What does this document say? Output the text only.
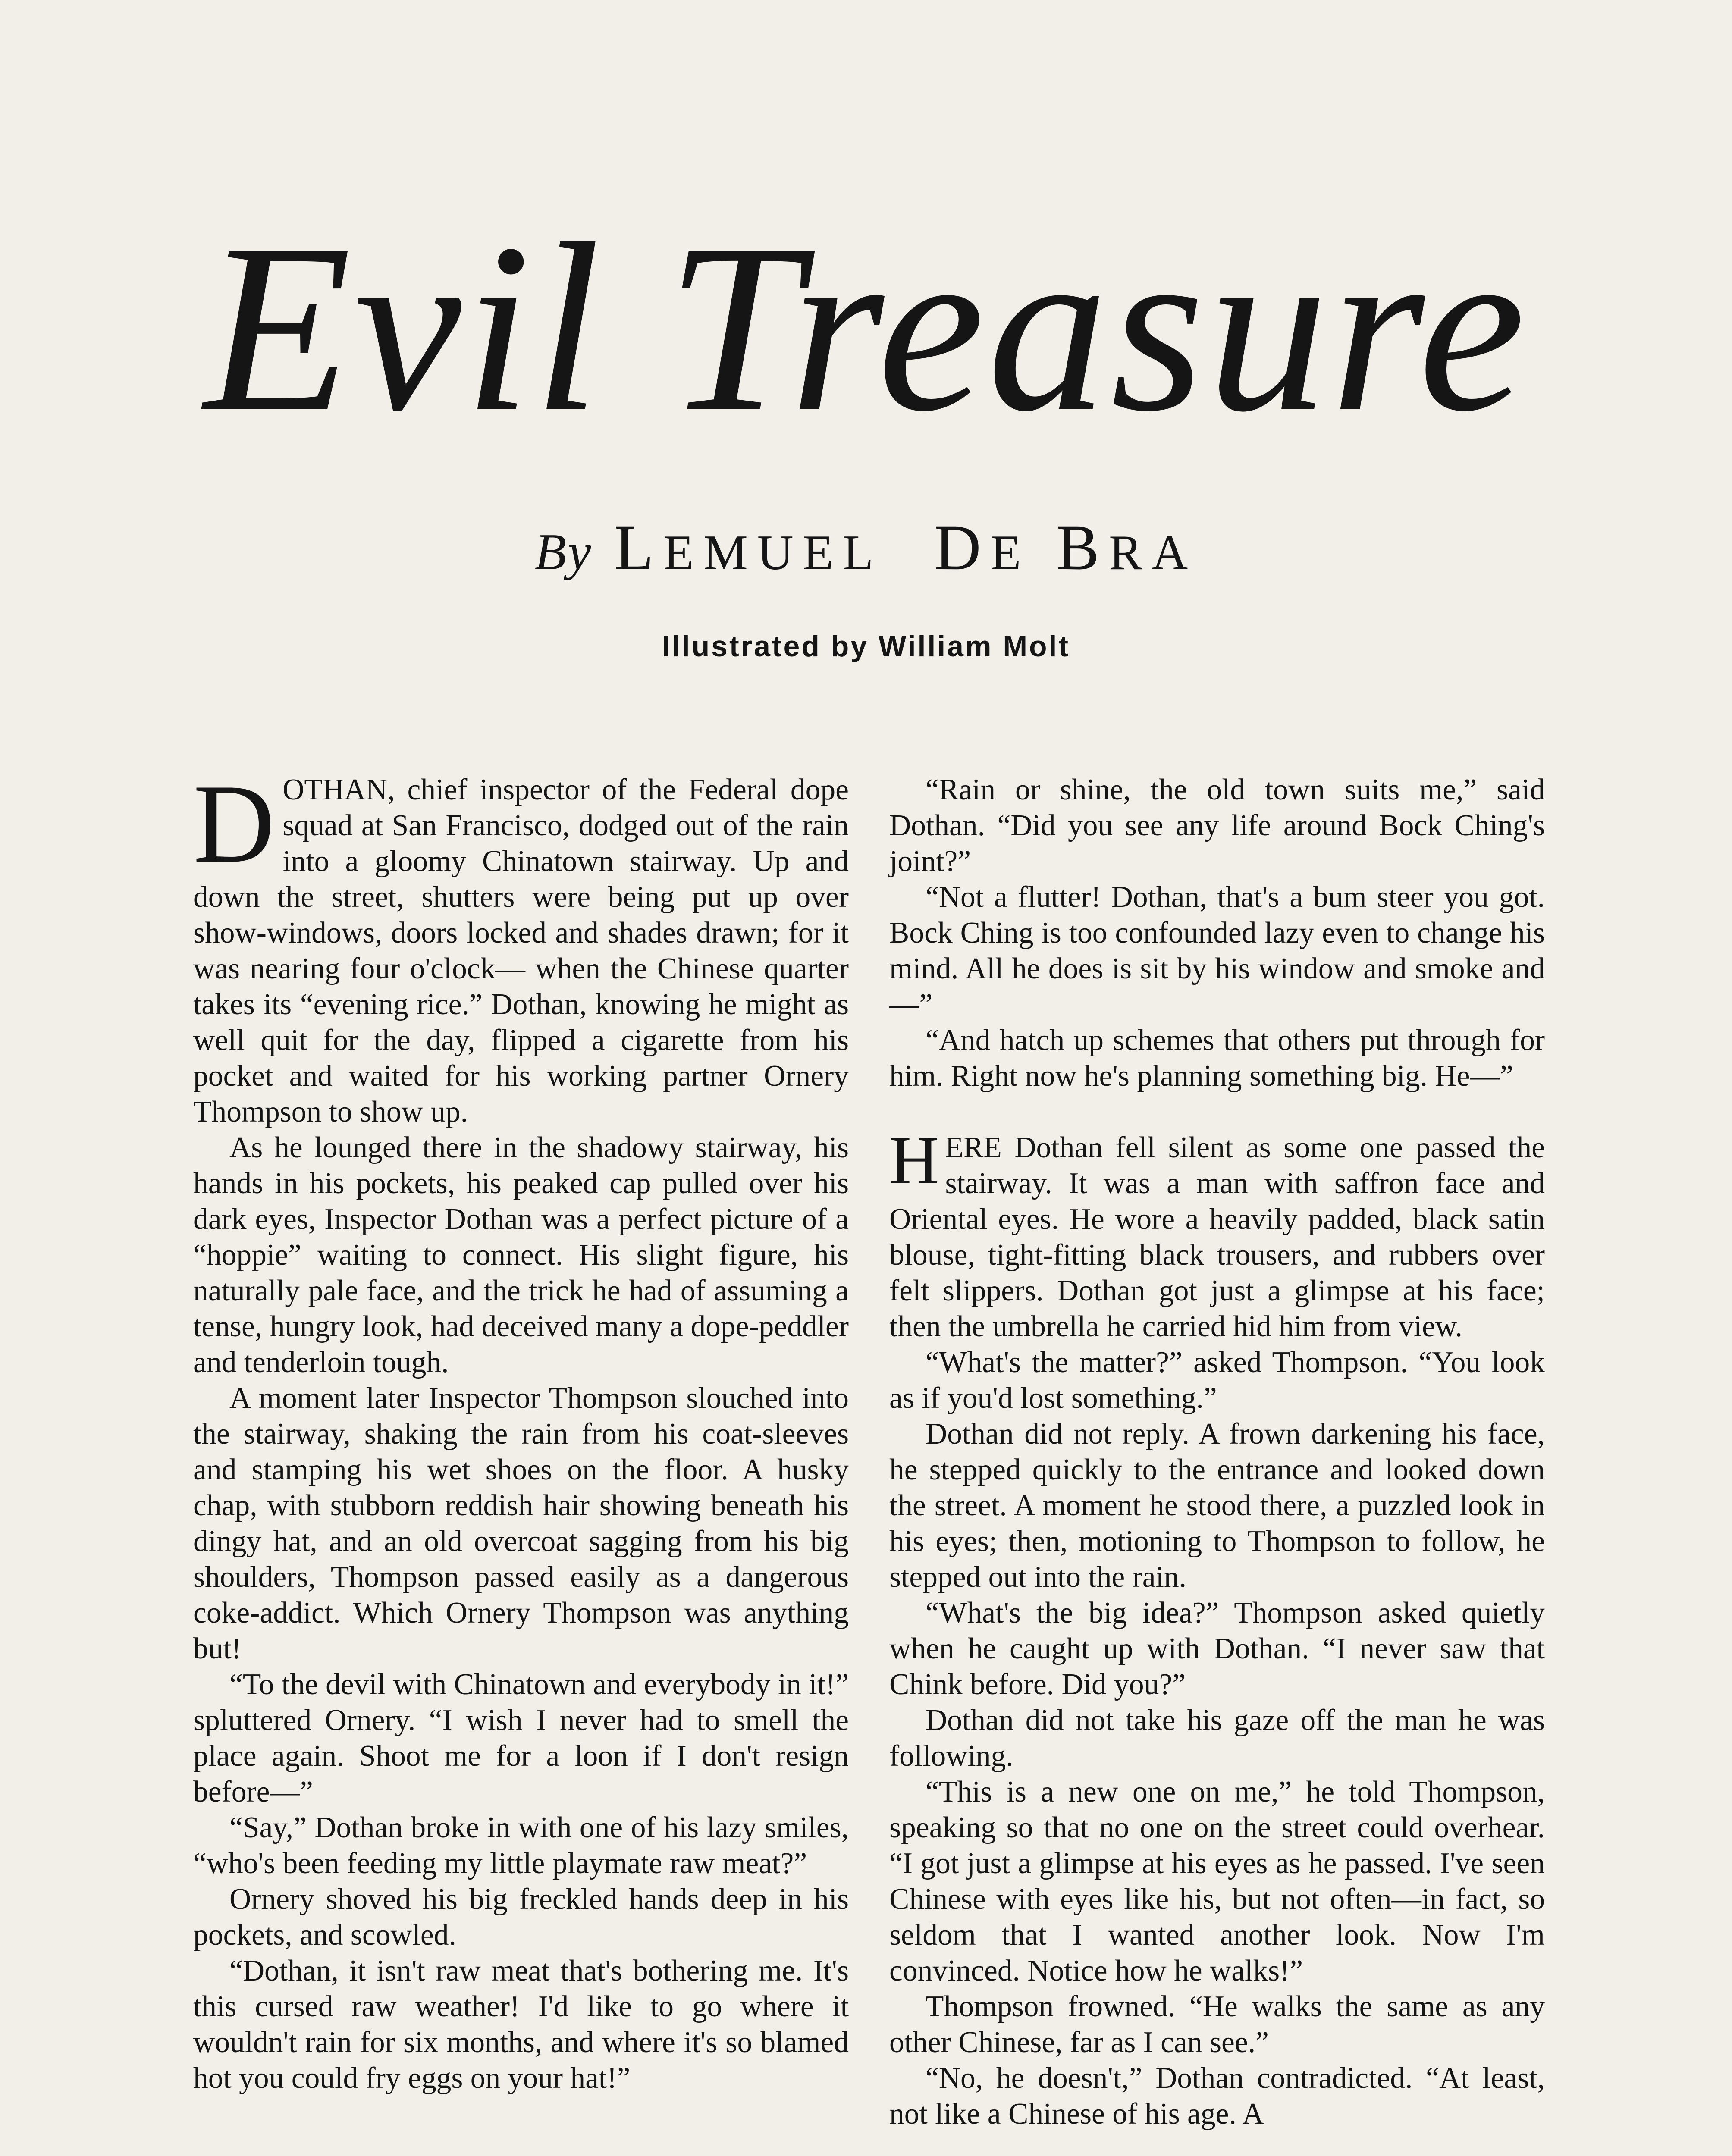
Evil Treasure
By LEMUEL DE BRA
Illustrated by William Molt

DOTHAN, chief inspector of the Federal dope squad at San Francisco, dodged out of the rain into a gloomy Chinatown stairway. Up and down the street, shutters were being put up over show-windows, doors locked and shades drawn; for it was nearing four o'clock— when the Chinese quarter takes its “evening rice.” Dothan, knowing he might as well quit for the day, flipped a cigarette from his pocket and waited for his working partner Ornery Thompson to show up.

As he lounged there in the shadowy stairway, his hands in his pockets, his peaked cap pulled over his dark eyes, Inspector Dothan was a perfect picture of a “hoppie” waiting to connect. His slight figure, his naturally pale face, and the trick he had of assuming a tense, hungry look, had deceived many a dope-peddler and tenderloin tough.

A moment later Inspector Thompson slouched into the stairway, shaking the rain from his coat-sleeves and stamping his wet shoes on the floor. A husky chap, with stubborn reddish hair showing beneath his dingy hat, and an old overcoat sagging from his big shoulders, Thompson passed easily as a dangerous coke-addict. Which Ornery Thompson was anything but!

“To the devil with Chinatown and everybody in it!” spluttered Ornery. “I wish I never had to smell the place again. Shoot me for a loon if I don't resign before—”

“Say,” Dothan broke in with one of his lazy smiles, “who's been feeding my little playmate raw meat?”

Ornery shoved his big freckled hands deep in his pockets, and scowled.

“Dothan, it isn't raw meat that's bothering me. It's this cursed raw weather! I'd like to go where it wouldn't rain for six months, and where it's so blamed hot you could fry eggs on your hat!”

“Rain or shine, the old town suits me,” said Dothan. “Did you see any life around Bock Ching's joint?”

“Not a flutter! Dothan, that's a bum steer you got. Bock Ching is too confounded lazy even to change his mind. All he does is sit by his window and smoke and—”

“And hatch up schemes that others put through for him. Right now he's planning something big. He—”

HERE Dothan fell silent as some one passed the stairway. It was a man with saffron face and Oriental eyes. He wore a heavily padded, black satin blouse, tight-fitting black trousers, and rubbers over felt slippers. Dothan got just a glimpse at his face; then the umbrella he carried hid him from view.

“What's the matter?” asked Thompson. “You look as if you'd lost something.”

Dothan did not reply. A frown darkening his face, he stepped quickly to the entrance and looked down the street. A moment he stood there, a puzzled look in his eyes; then, motioning to Thompson to follow, he stepped out into the rain.

“What's the big idea?” Thompson asked quietly when he caught up with Dothan. “I never saw that Chink before. Did you?”

Dothan did not take his gaze off the man he was following.

“This is a new one on me,” he told Thompson, speaking so that no one on the street could overhear. “I got just a glimpse at his eyes as he passed. I've seen Chinese with eyes like his, but not often—in fact, so seldom that I wanted another look. Now I'm convinced. Notice how he walks!”

Thompson frowned. “He walks the same as any other Chinese, far as I can see.”

“No, he doesn't,” Dothan contradicted. “At least, not like a Chinese of his age. A
